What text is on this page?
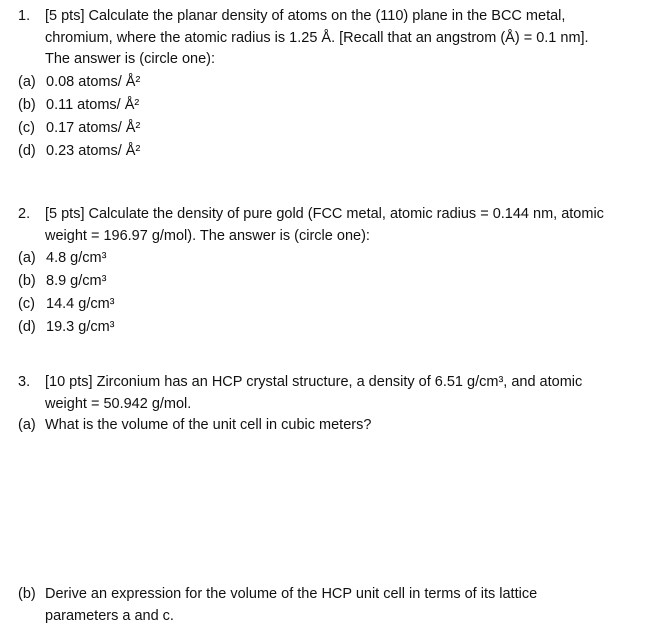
1.	[5 pts] Calculate the planar density of atoms on the (110) plane in the BCC metal,
chromium, where the atomic radius is 1.25 Å. [Recall that an angstrom (Å) = 0.1 nm].
The answer is (circle one):
(a) 0.08 atoms/ Å²
(b) 0.11 atoms/ Å²
(c) 0.17 atoms/ Å²
(d) 0.23 atoms/ Å²
2.	[5 pts] Calculate the density of pure gold (FCC metal, atomic radius = 0.144 nm, atomic
weight = 196.97 g/mol). The answer is (circle one):
(a) 4.8 g/cm³
(b) 8.9 g/cm³
(c) 14.4 g/cm³
(d) 19.3 g/cm³
3.	[10 pts] Zirconium has an HCP crystal structure, a density of 6.51 g/cm³, and atomic
weight = 50.942 g/mol.
(a) What is the volume of the unit cell in cubic meters?
(b) Derive an expression for the volume of the HCP unit cell in terms of its lattice
parameters a and c.
